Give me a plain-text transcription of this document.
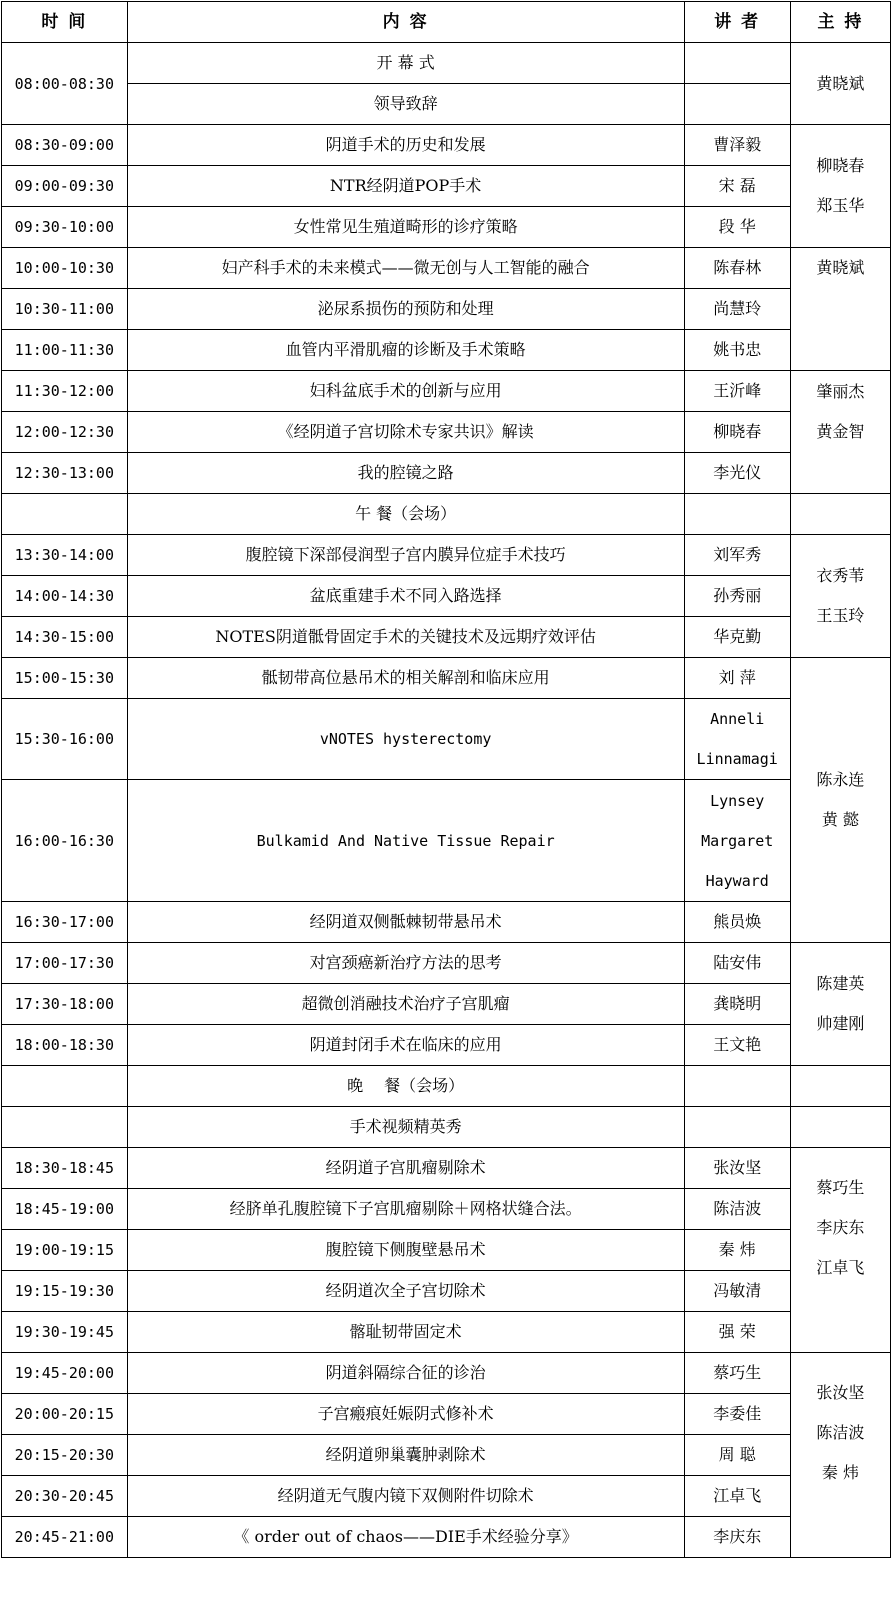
时 间	内 容	讲 者	主 持
08:00-08:30	开 幕 式		黄晓斌
	领导致辞		
08:30-09:00	阴道手术的历史和发展	曹泽毅	柳晓春
郑玉华
09:00-09:30	NTR经阴道POP手术	宋 磊	
09:30-10:00	女性常见生殖道畸形的诊疗策略	段 华	
10:00-10:30	妇产科手术的未来模式——微无创与人工智能的融合	陈春林	黄晓斌
10:30-11:00	泌尿系损伤的预防和处理	尚慧玲	
11:00-11:30	血管内平滑肌瘤的诊断及手术策略	姚书忠	
11:30-12:00	妇科盆底手术的创新与应用	王沂峰	肇丽杰
黄金智
12:00-12:30	《经阴道子宫切除术专家共识》解读	柳晓春	
12:30-13:00	我的腔镜之路	李光仪	
	午 餐（会场）		
13:30-14:00	腹腔镜下深部侵润型子宫内膜异位症手术技巧	刘军秀	衣秀苇
王玉玲
14:00-14:30	盆底重建手术不同入路选择	孙秀丽	
14:30-15:00	NOTES阴道骶骨固定手术的关键技术及远期疗效评估	华克勤	
15:00-15:30	骶韧带高位悬吊术的相关解剖和临床应用	刘 萍	陈永连
黄 懿
15:30-16:00	vNOTES hysterectomy	Anneli
Linnamagi	
16:00-16:30	Bulkamid And Native Tissue Repair	Lynsey
Margaret
Hayward	
16:30-17:00	经阴道双侧骶棘韧带悬吊术	熊员焕	
17:00-17:30	对宫颈癌新治疗方法的思考	陆安伟	陈建英
帅建刚
17:30-18:00	超微创消融技术治疗子宫肌瘤	龚晓明	
18:00-18:30	阴道封闭手术在临床的应用	王文艳	
	晚　 餐（会场）		
	手术视频精英秀		
18:30-18:45	经阴道子宫肌瘤剔除术	张汝坚	蔡巧生
李庆东
江卓飞
18:45-19:00	经脐单孔腹腔镜下子宫肌瘤剔除＋网格状缝合法。	陈洁波	
19:00-19:15	腹腔镜下侧腹壁悬吊术	秦 炜	
19:15-19:30	经阴道次全子宫切除术	冯敏清	
19:30-19:45	髂耻韧带固定术	强 荣	
19:45-20:00	阴道斜隔综合征的诊治	蔡巧生	张汝坚
陈洁波
秦 炜
20:00-20:15	子宫瘢痕妊娠阴式修补术	李委佳	
20:15-20:30	经阴道卵巢囊肿剥除术	周 聪	
20:30-20:45	经阴道无气腹内镜下双侧附件切除术	江卓飞	
20:45-21:00	《 order out of chaos——DIE手术经验分享》	李庆东	
